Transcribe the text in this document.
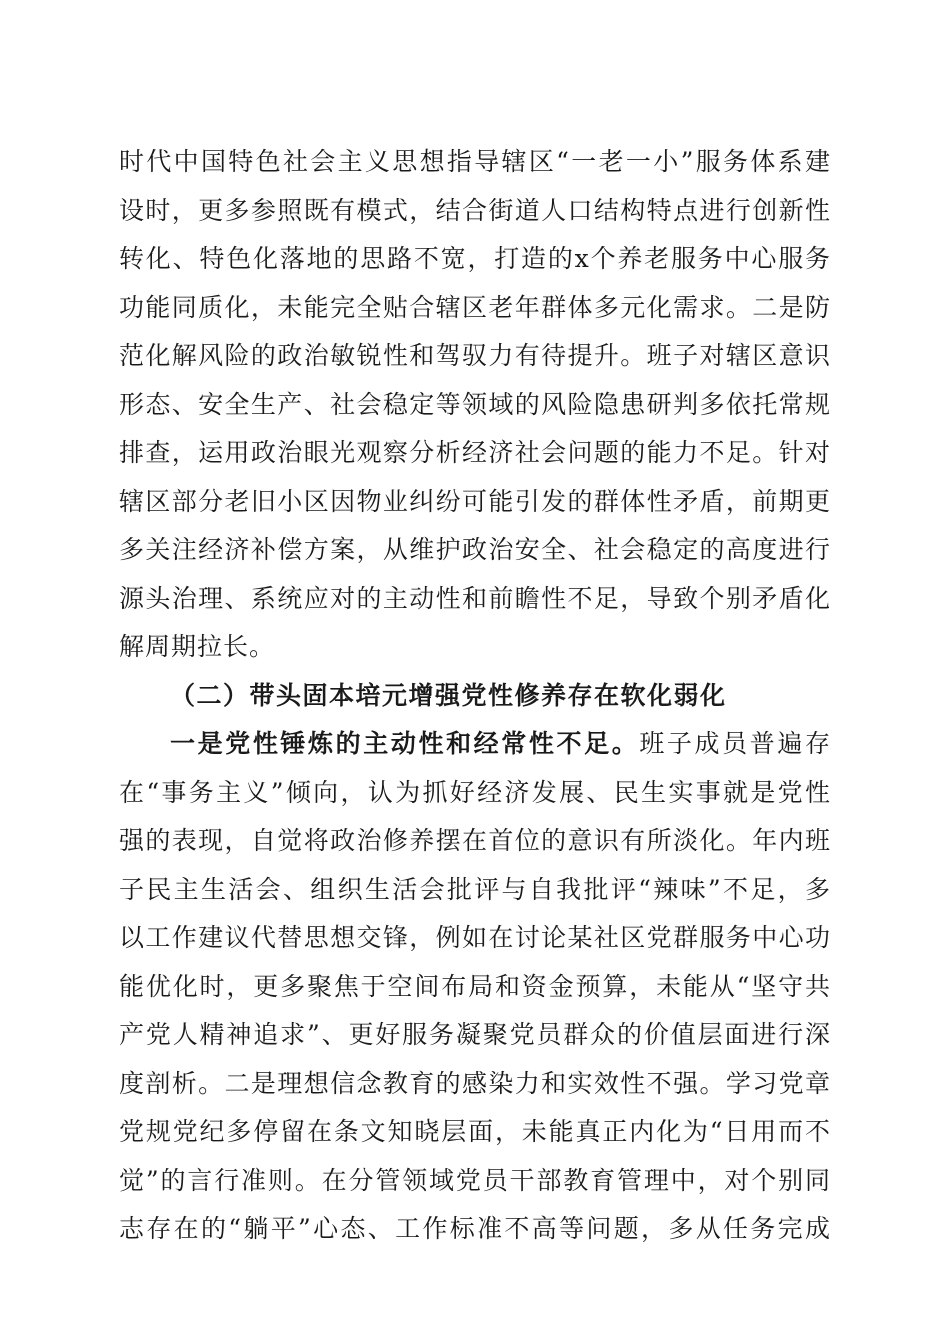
时代中国特色社会主义思想指导辖区“一老一小”服务体系建

设时，更多参照既有模式，结合街道人口结构特点进行创新性

转化、特色化落地的思路不宽，打造的x个养老服务中心服务

功能同质化，未能完全贴合辖区老年群体多元化需求。二是防

范化解风险的政治敏锐性和驾驭力有待提升。班子对辖区意识

形态、安全生产、社会稳定等领域的风险隐患研判多依托常规

排查，运用政治眼光观察分析经济社会问题的能力不足。针对

辖区部分老旧小区因物业纠纷可能引发的群体性矛盾，前期更

多关注经济补偿方案，从维护政治安全、社会稳定的高度进行

源头治理、系统应对的主动性和前瞻性不足，导致个别矛盾化

解周期拉长。

（二）带头固本培元增强党性修养存在软化弱化

一是党性锤炼的主动性和经常性不足。班子成员普遍存

在“事务主义”倾向，认为抓好经济发展、民生实事就是党性

强的表现，自觉将政治修养摆在首位的意识有所淡化。年内班

子民主生活会、组织生活会批评与自我批评“辣味”不足，多

以工作建议代替思想交锋，例如在讨论某社区党群服务中心功

能优化时，更多聚焦于空间布局和资金预算，未能从“坚守共

产党人精神追求”、更好服务凝聚党员群众的价值层面进行深

度剖析。二是理想信念教育的感染力和实效性不强。学习党章

党规党纪多停留在条文知晓层面，未能真正内化为“日用而不

觉”的言行准则。在分管领域党员干部教育管理中，对个别同

志存在的“躺平”心态、工作标准不高等问题，多从任务完成
